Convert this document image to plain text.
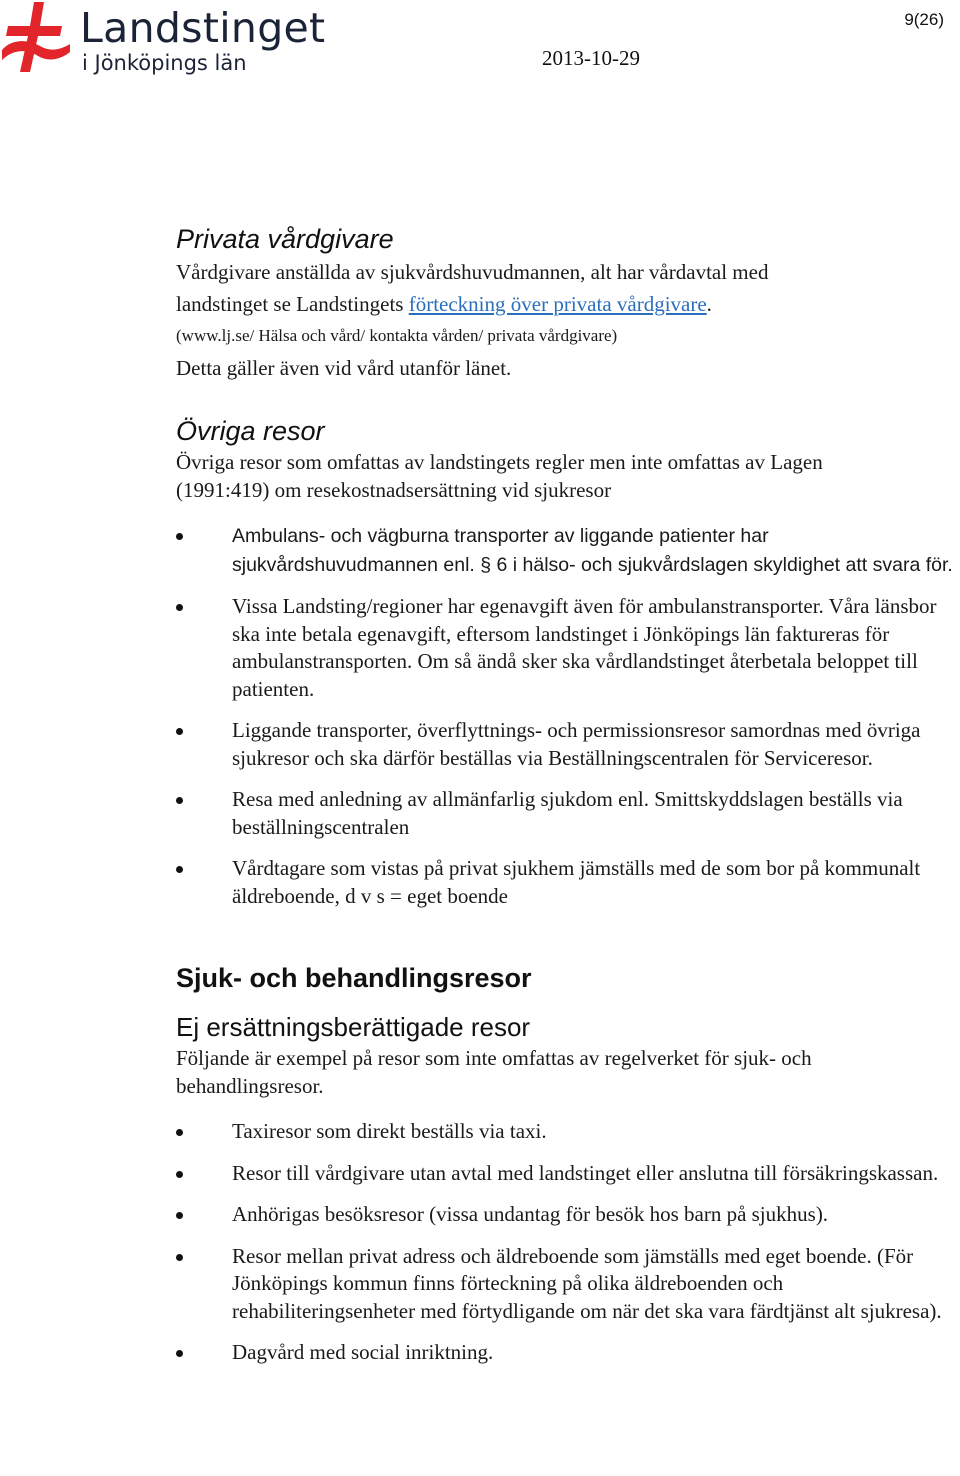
Landstinget
i Jönköpings län	2013-10-29
9(26)
Privata vårdgivare

Vårdgivare anställda av sjukvårdshuvudmannen, alt har vårdavtal med

landstinget se Landstingets förteckning över privata vårdgivare.

(www.lj.se/ Hälsa och vård/ kontakta vården/ privata vårdgivare)

Detta gäller även vid vård utanför länet.

Övriga resor

Övriga resor som omfattas av landstingets regler men inte omfattas av Lagen (1991:419) om resekostnadsersättning vid sjukresor

Ambulans- och vägburna transporter av liggande patienter har sjukvårdshuvudmannen enl. § 6 i hälso- och sjukvårdslagen skyldighet att svara för.
Vissa Landsting/regioner har egenavgift även för ambulanstransporter. Våra länsbor ska inte betala egenavgift, eftersom landstinget i Jönköpings län faktureras för ambulanstransporten. Om så ändå sker ska vårdlandstinget återbetala beloppet till patienten.
Liggande transporter, överflyttnings- och permissionsresor samordnas med övriga sjukresor och ska därför beställas via Beställningscentralen för Serviceresor.
Resa med anledning av allmänfarlig sjukdom enl. Smittskyddslagen beställs via beställningscentralen
Vårdtagare som vistas på privat sjukhem jämställs med de som bor på kommunalt äldreboende, d v s = eget boende
Sjuk- och behandlingsresor
Ej ersättningsberättigade resor

Följande är exempel på resor som inte omfattas av regelverket för sjuk- och behandlingsresor.

Taxiresor som direkt beställs via taxi.
Resor till vårdgivare utan avtal med landstinget eller anslutna till försäkringskassan.
Anhörigas besöksresor (vissa undantag för besök hos barn på sjukhus).
Resor mellan privat adress och äldreboende som jämställs med eget boende. (För Jönköpings kommun finns förteckning på olika äldreboenden och rehabiliteringsenheter med förtydligande om när det ska vara färdtjänst alt sjukresa).
Dagvård med social inriktning.
